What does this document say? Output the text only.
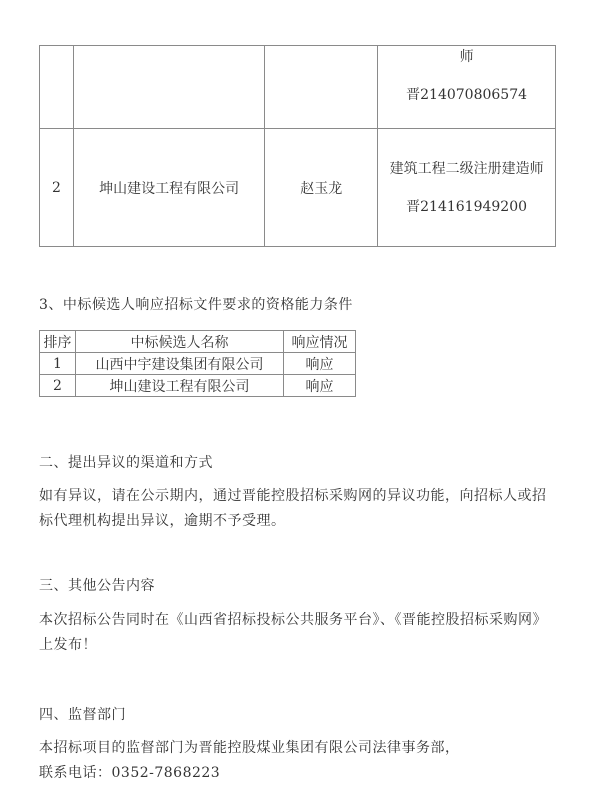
			师
晋214070806574

2	坤山建设工程有限公司	赵玉龙	建筑工程二级注册建造师
晋214161949200
3、中标候选人响应招标文件要求的资格能力条件
排序	中标候选人名称	响应情况
1	山西中宇建设集团有限公司	响应
2	坤山建设工程有限公司	响应
二、提出异议的渠道和方式
如有异议，请在公示期内，通过晋能控股招标采购网的异议功能，向招标人或招标代理机构提出异议，逾期不予受理。
三、其他公告内容
本次招标公告同时在《山西省招标投标公共服务平台》、《晋能控股招标采购网》上发布！
四、监督部门
本招标项目的监督部门为晋能控股煤业集团有限公司法律事务部，
联系电话：0352-7868223
